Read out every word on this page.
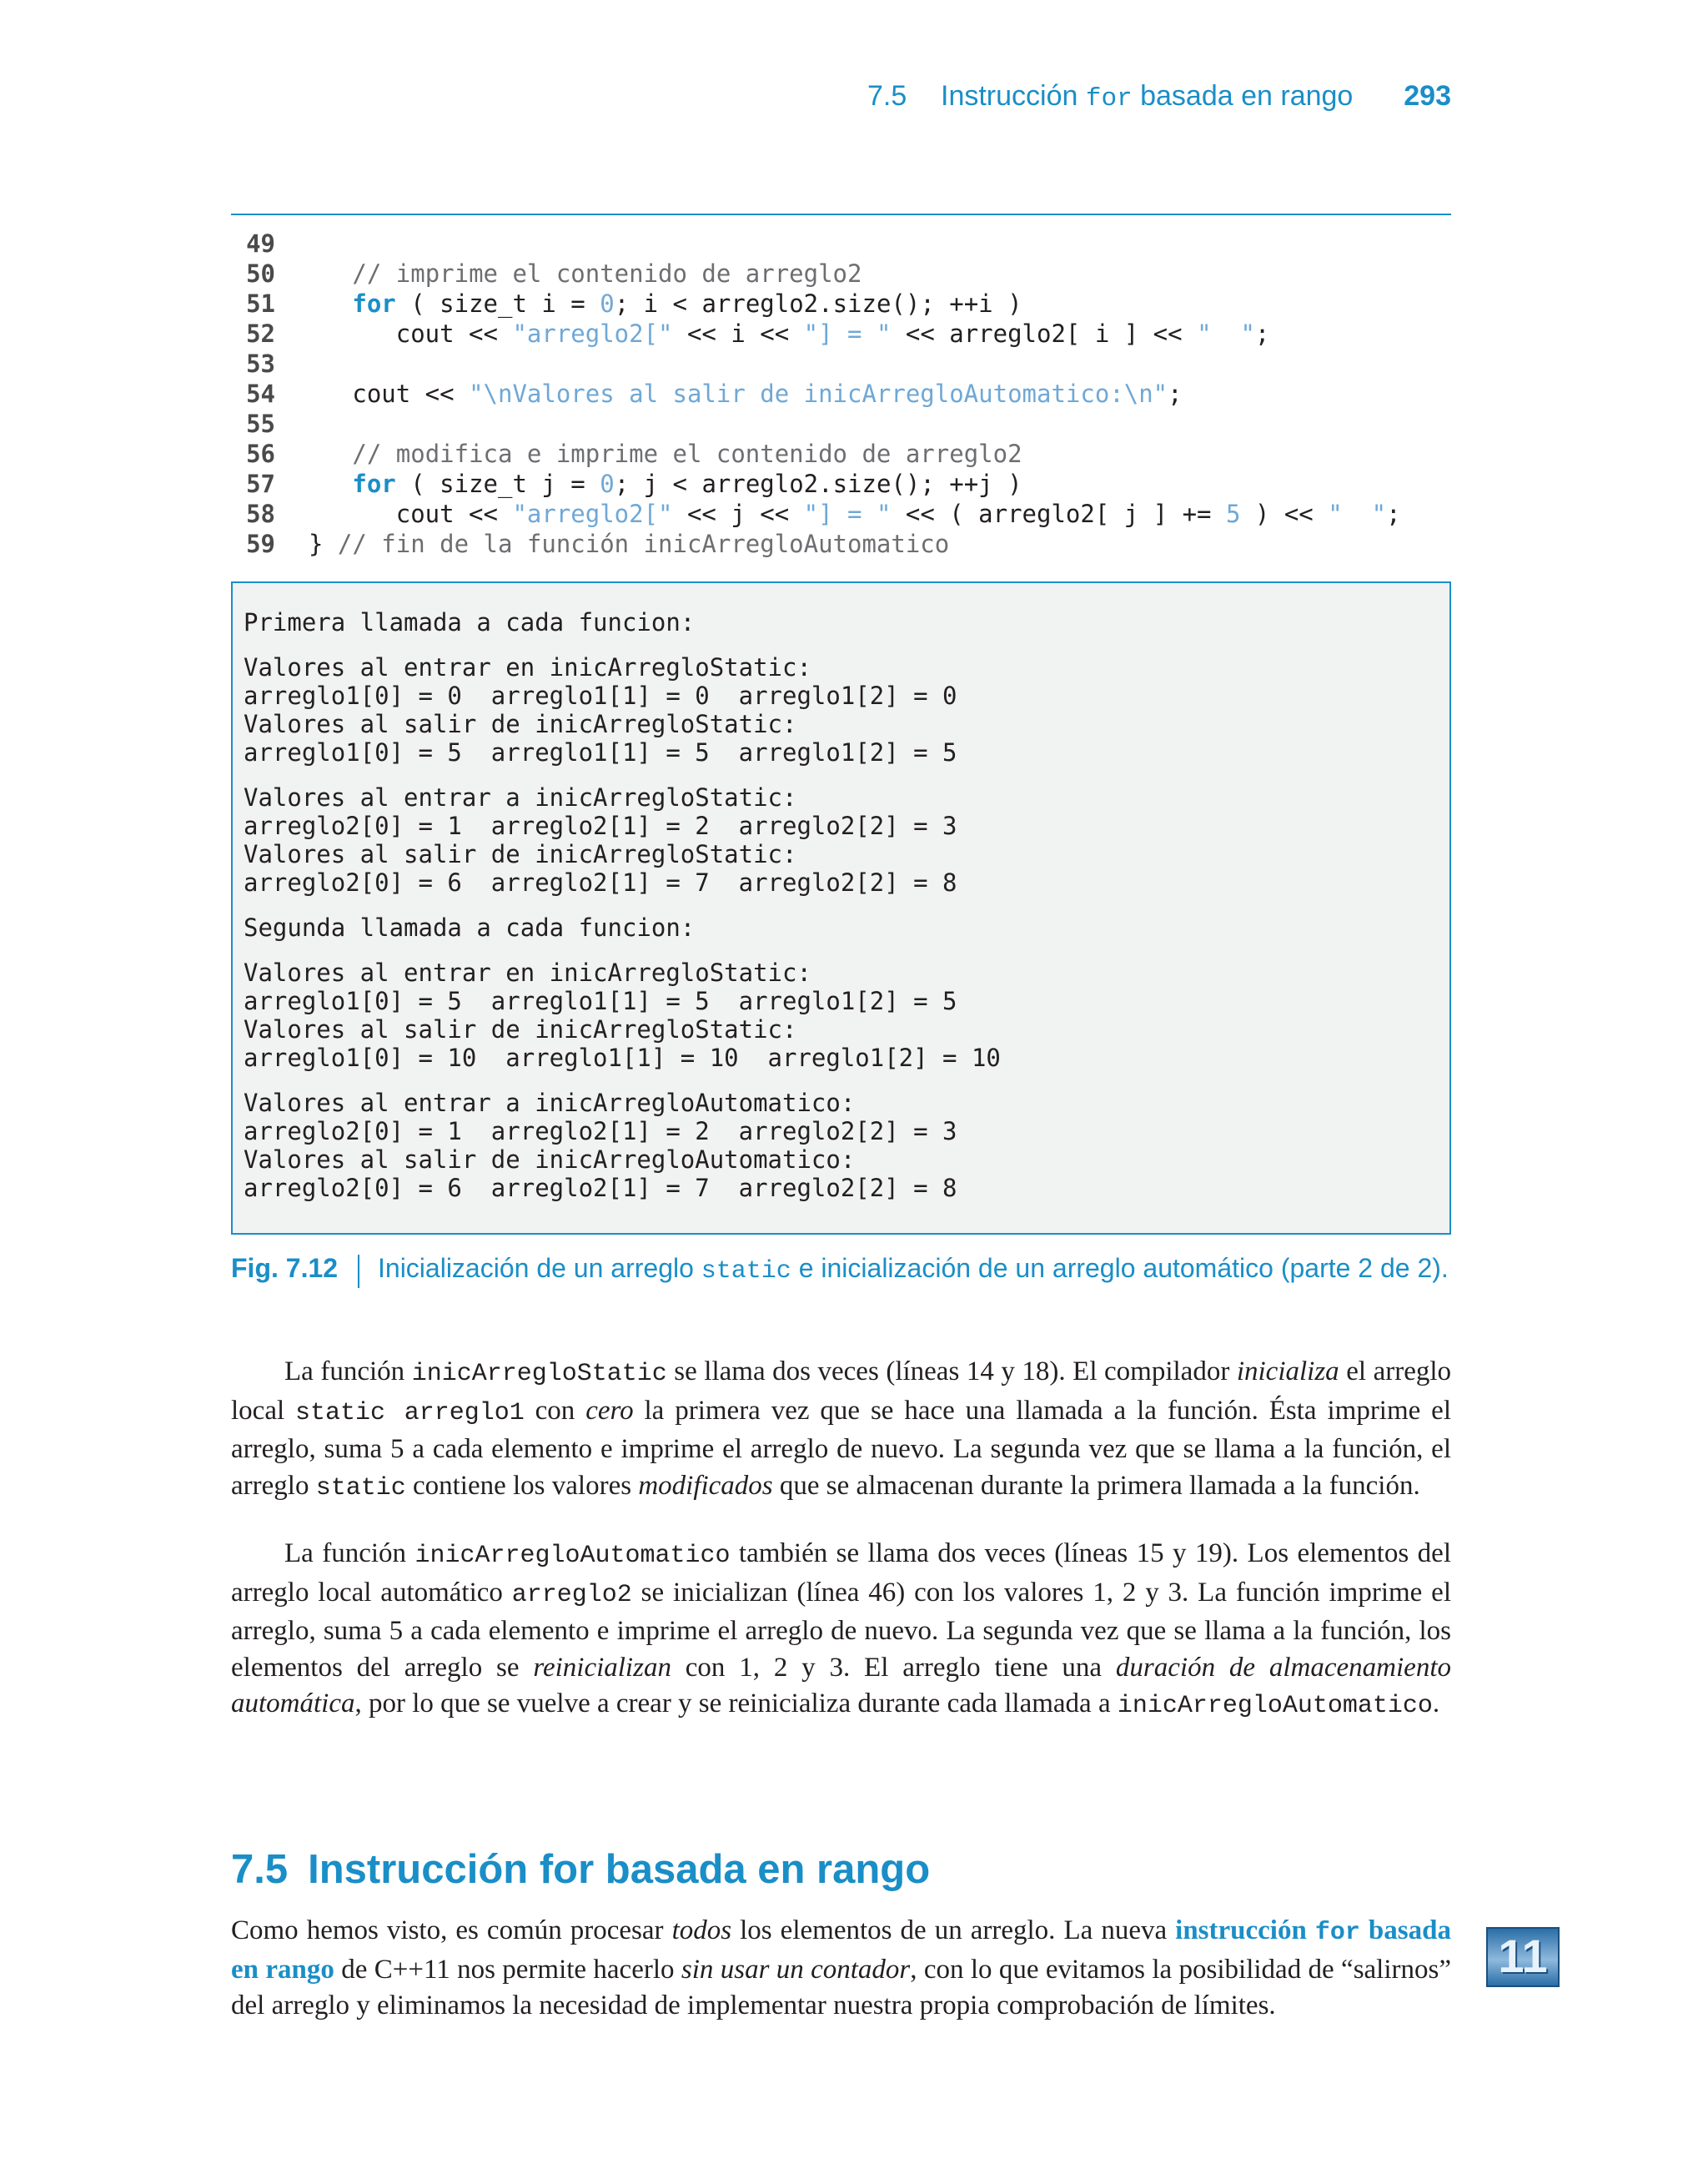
7.5 Instrucción for basada en rango 293
49
50	// imprime el contenido de arreglo2
51	for ( size_t i = 0; i < arreglo2.size(); ++i )
52 cout << "arreglo2[" << i << "] = " << arreglo2[ i ] << "  ";
53
54 cout << "\nValores al salir de inicArregloAutomatico:\n";
55
56	// modifica e imprime el contenido de arreglo2
57	for ( size_t j = 0; j < arreglo2.size(); ++j )
58 cout << "arreglo2[" << j << "] = " << ( arreglo2[ j ] += 5 ) << "  ";
59 } // fin de la función inicArregloAutomatico
Primera llamada a cada funcion:
Valores al entrar en inicArregloStatic:
arreglo1[0] = 0  arreglo1[1] = 0  arreglo1[2] = 0
Valores al salir de inicArregloStatic:
arreglo1[0] = 5  arreglo1[1] = 5  arreglo1[2] = 5
Valores al entrar a inicArregloStatic:
arreglo2[0] = 1  arreglo2[1] = 2  arreglo2[2] = 3
Valores al salir de inicArregloStatic:
arreglo2[0] = 6  arreglo2[1] = 7  arreglo2[2] = 8
Segunda llamada a cada funcion:
Valores al entrar en inicArregloStatic:
arreglo1[0] = 5  arreglo1[1] = 5  arreglo1[2] = 5
Valores al salir de inicArregloStatic:
arreglo1[0] = 10  arreglo1[1] = 10  arreglo1[2] = 10
Valores al entrar a inicArregloAutomatico:
arreglo2[0] = 1  arreglo2[1] = 2  arreglo2[2] = 3
Valores al salir de inicArregloAutomatico:
arreglo2[0] = 6  arreglo2[1] = 7  arreglo2[2] = 8
Fig. 7.12 Inicialización de un arreglo static e inicialización de un arreglo automático (parte 2 de 2).

La función inicArregloStatic se llama dos veces (líneas 14 y 18). El compilador inicializa el arreglo local static arreglo1 con cero la primera vez que se hace una llamada a la función. Ésta imprime el arreglo, suma 5 a cada elemento e imprime el arreglo de nuevo. La segunda vez que se llama a la función, el arreglo static contiene los valores modificados que se almacenan durante la primera llamada a la función.

La función inicArregloAutomatico también se llama dos veces (líneas 15 y 19). Los elementos del arreglo local automático arreglo2 se inicializan (línea 46) con los valores 1, 2 y 3. La función imprime el arreglo, suma 5 a cada elemento e imprime el arreglo de nuevo. La segunda vez que se llama a la función, los elementos del arreglo se reinicializan con 1, 2 y 3. El arreglo tiene una duración de almacenamiento automática, por lo que se vuelve a crear y se reinicializa durante cada llamada a inicArregloAutomatico.

7.5 Instrucción for basada en rango

Como hemos visto, es común procesar todos los elementos de un arreglo. La nueva instrucción for basada en rango de C++11 nos permite hacerlo sin usar un contador, con lo que evitamos la posibilidad de “salirnos” del arreglo y eliminamos la necesidad de implementar nuestra propia comprobación de límites.

11
